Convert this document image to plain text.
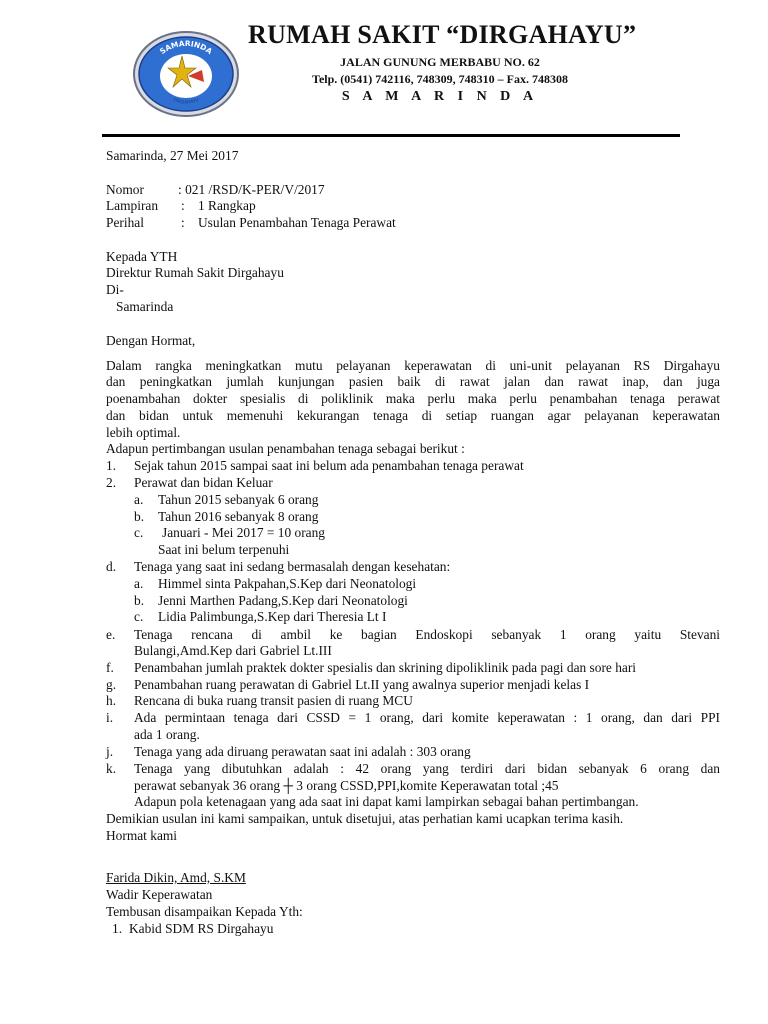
SAMARINDA
DIRGAHAYU
RUMAH SAKIT “DIRGAHAYU”
JALAN GUNUNG MERBABU NO. 62
Telp. (0541) 742116, 748309, 748310 – Fax. 748308
S A M A R I N D A
Samarinda, 27 Mei 2017
Nomor	: 021 /RSD/K-PER/V/2017
Lampiran : 1 Rangkap
Perihal	: Usulan Penambahan Tenaga Perawat
Kepada YTH
Direktur Rumah Sakit Dirgahayu
Di-
Samarinda
Dengan Hormat,
Dalam rangka meningkatkan mutu pelayanan keperawatan di uni-unit pelayanan RS Dirgahayu
dan peningkatkan jumlah kunjungan pasien baik di rawat jalan dan rawat inap, dan juga
poenambahan dokter spesialis di poliklinik maka perlu maka perlu penambahan tenaga perawat
dan bidan untuk memenuhi kekurangan tenaga di setiap ruangan agar pelayanan keperawatan
lebih optimal.
Adapun pertimbangan usulan penambahan tenaga sebagai berikut :
1. Sejak tahun 2015 sampai saat ini belum ada penambahan tenaga perawat
2. Perawat dan bidan Keluar
a. Tahun 2015 sebanyak 6 orang
b. Tahun 2016 sebanyak 8 orang
c. Januari - Mei 2017 = 10 orang
Saat ini belum terpenuhi
d. Tenaga yang saat ini sedang bermasalah dengan kesehatan:
a. Himmel sinta Pakpahan,S.Kep dari Neonatologi
b. Jenni Marthen Padang,S.Kep dari Neonatologi
c. Lidia Palimbunga,S.Kep dari Theresia Lt I
e. Tenaga rencana di ambil ke bagian Endoskopi sebanyak 1 orang yaitu Stevani
Bulangi,Amd.Kep dari Gabriel Lt.III
f. Penambahan jumlah praktek dokter spesialis dan skrining dipoliklinik pada pagi dan sore hari
g. Penambahan ruang perawatan di Gabriel Lt.II yang awalnya superior menjadi kelas I
h. Rencana di buka ruang transit pasien di ruang MCU
i. Ada permintaan tenaga dari CSSD = 1 orang, dari komite keperawatan : 1 orang, dan dari PPI
ada 1 orang.
j. Tenaga yang ada diruang perawatan saat ini adalah : 303 orang
k. Tenaga yang dibutuhkan adalah : 42 orang yang terdiri dari bidan sebanyak 6 orang dan
perawat sebanyak 36 orang ┼ 3 orang CSSD,PPI,komite Keperawatan total ;45
Adapun pola ketenagaan yang ada saat ini dapat kami lampirkan sebagai bahan pertimbangan.
Demikian usulan ini kami sampaikan, untuk disetujui, atas perhatian kami ucapkan terima kasih.
Hormat kami
Farida Dikin, Amd, S.KM
Wadir Keperawatan
Tembusan disampaikan Kepada Yth:
1. Kabid SDM RS Dirgahayu
